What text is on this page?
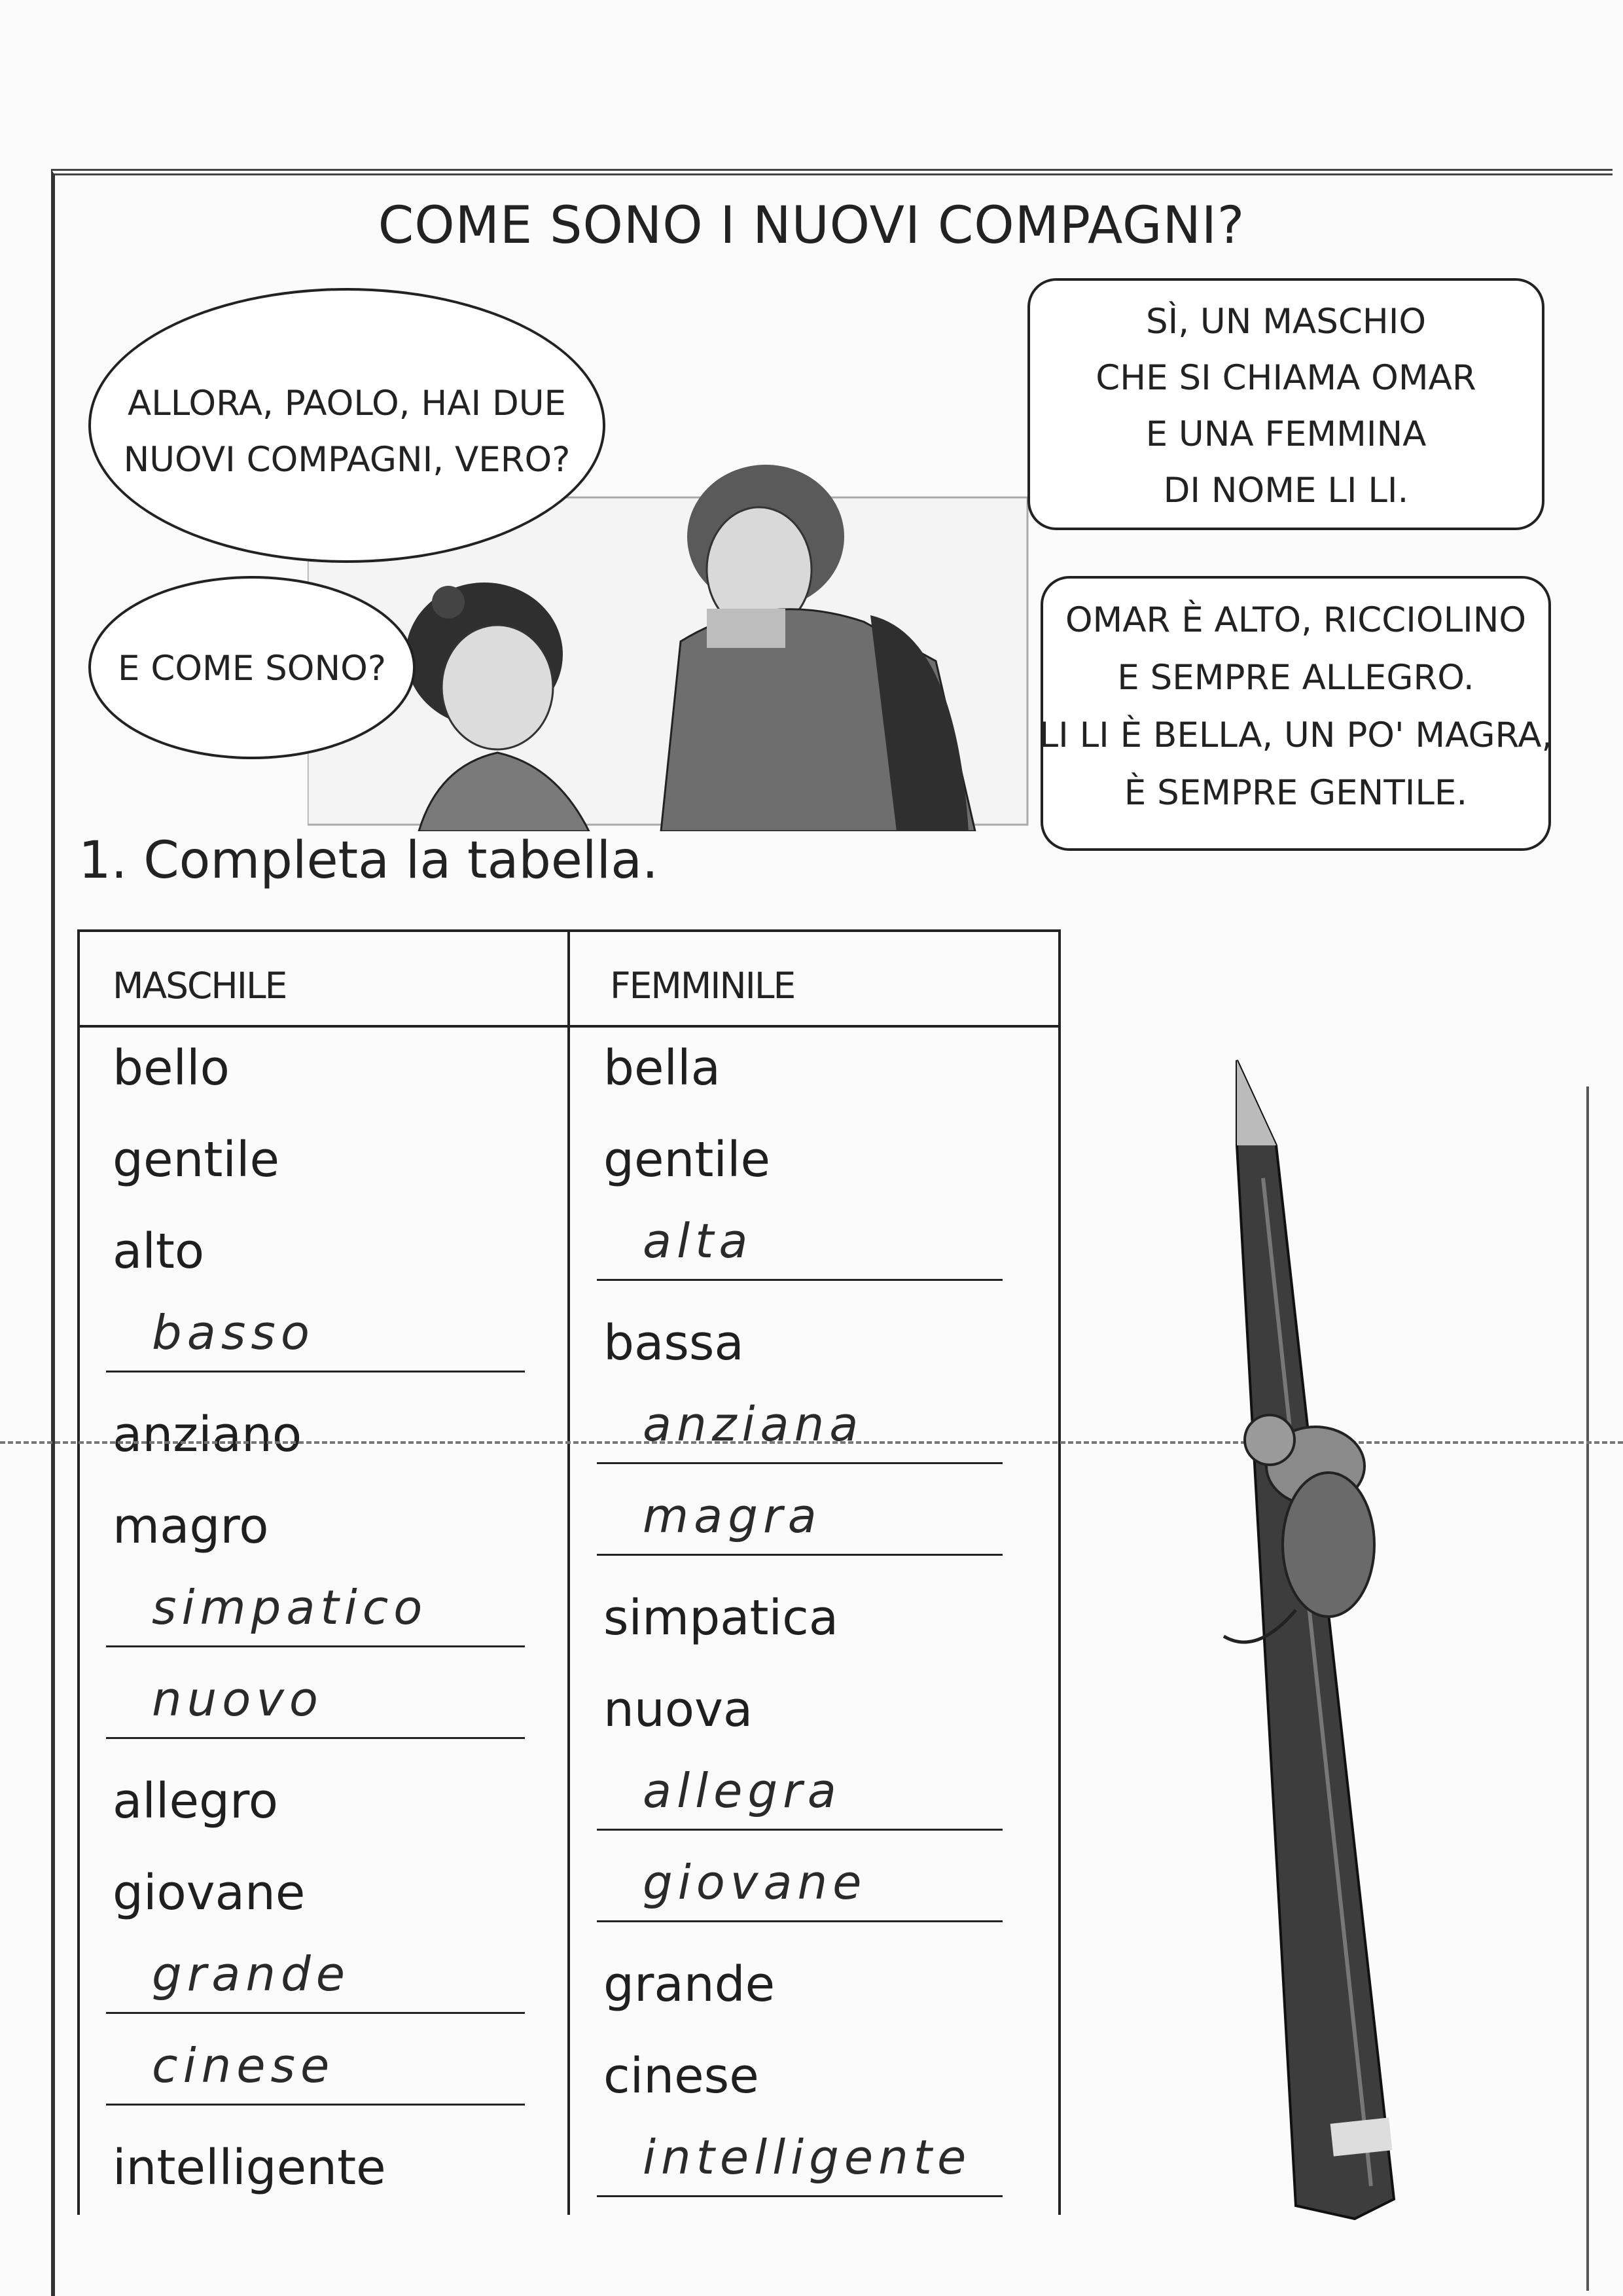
COME SONO I NUOVI COMPAGNI?
ALLORA, PAOLO, HAI DUE
NUOVI COMPAGNI, VERO?
SÌ, UN MASCHIO
CHE SI CHIAMA OMAR
E UNA FEMMINA
DI NOME LI LI.
E COME SONO?
OMAR È ALTO, RICCIOLINO
E SEMPRE ALLEGRO.
LI LI È BELLA, UN PO' MAGRA,
È SEMPRE GENTILE.
1. Completa la tabella.
MASCHILE	FEMMINILE
bello	bella
gentile	gentile
alto	alta
basso	bassa
anziano	anziana
magro	magra
simpatico	simpatica
nuovo	nuova
allegro	allegra
giovane	giovane
grande	grande
cinese	cinese
intelligente	intelligente
